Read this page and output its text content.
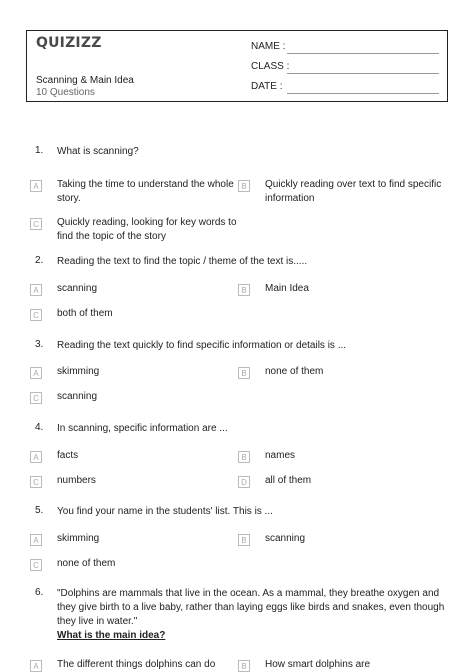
QUIZIZZ
Scanning & Main Idea
10 Questions
NAME :
CLASS :
DATE :
1. What is scanning?
A	Taking the time to understand the whole story.
B	Quickly reading over text to find specific information
C	Quickly reading, looking for key words to find the topic of the story
2. Reading the text to find the topic / theme of the text is.....
A	scanning	B	Main Idea
C	both of them
3. Reading the text quickly to find specific information or details is ...
A	skimming	B	none of them
C	scanning
4. In scanning, specific information are ...
A	facts	B	names
C	numbers	D	all of them
5. You find your name in the students' list. This is ...
A	skimming	B	scanning
C	none of them
6. "Dolphins are mammals that live in the ocean. As a mammal, they breathe oxygen and they give birth to a live baby, rather than laying eggs like birds and snakes, even though they live in water."
What is the main idea?
A	The different things dolphins can do	B	How smart dolphins are
